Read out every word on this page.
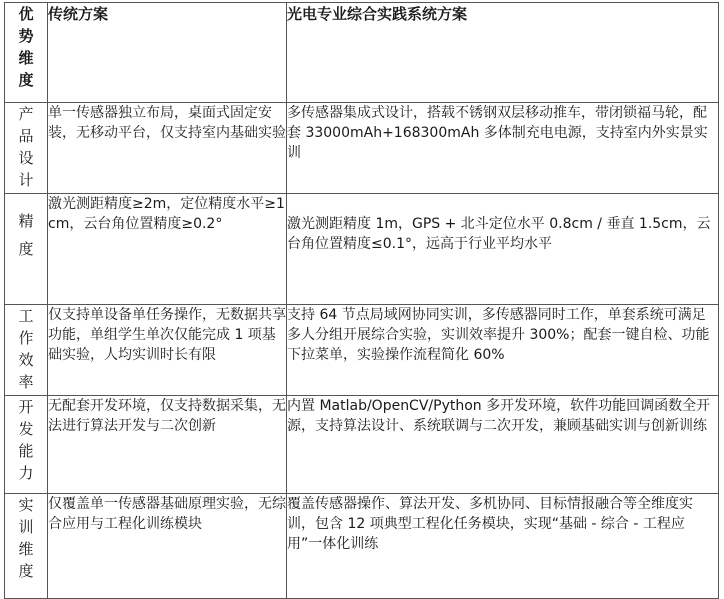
优
势
维
度	传统方案	光电专业综合实践系统方案

产
品
设
计	单一传感器独立布局，桌面式固定安装，无移动平台，仅支持室内基础实验	多传感器集成式设计，搭载不锈钢双层移动推车，带闭锁福马轮，配套 33000mAh+168300mAh 多体制充电电源，支持室内外实景实训

精
度	激光测距精度≥2m，定位精度水平≥1cm，云台角位置精度≥0.2°	激光测距精度 1m，GPS + 北斗定位水平 0.8cm / 垂直 1.5cm，云台角位置精度≤0.1°，远高于行业平均水平

工
作
效
率	仅支持单设备单任务操作，无数据共享功能，单组学生单次仅能完成 1 项基础实验，人均实训时长有限	支持 64 节点局域网协同实训，多传感器同时工作，单套系统可满足多人分组开展综合实验，实训效率提升 300%；配套一键自检、功能下拉菜单，实验操作流程简化 60%

开
发
能
力	无配套开发环境，仅支持数据采集，无法进行算法开发与二次创新	内置 Matlab/OpenCV/Python 多开发环境，软件功能回调函数全开源，支持算法设计、系统联调与二次开发，兼顾基础实训与创新训练

实
训
维
度	仅覆盖单一传感器基础原理实验，无综合应用与工程化训练模块	覆盖传感器操作、算法开发、多机协同、目标情报融合等全维度实训，包含 12 项典型工程化任务模块，实现“基础 - 综合 - 工程应用”一体化训练
